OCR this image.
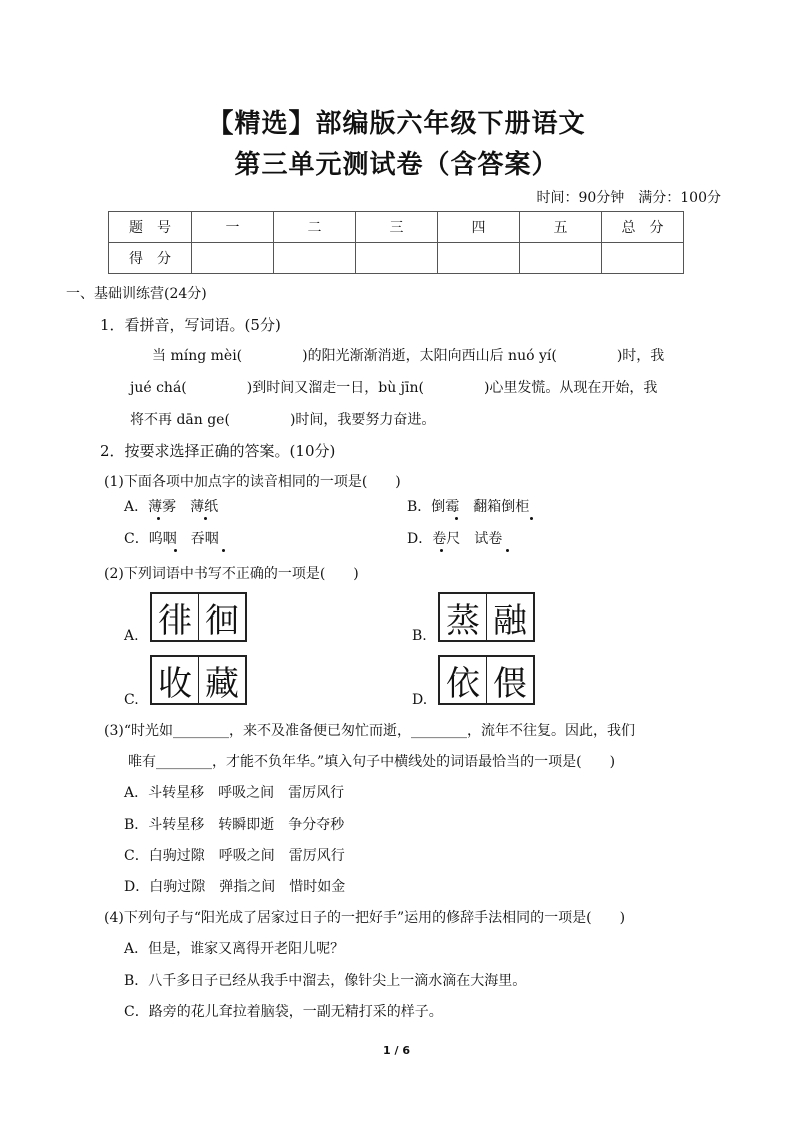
【精选】部编版六年级下册语文
第三单元测试卷（含答案）
时间：90分钟　满分：100分
题　号	一	二	三	四	五	总　分
得　分						
一、基础训练营(24分)
1．看拼音，写词语。(5分)
当 míng mèi(	)的阳光渐渐消逝，太阳向西山后 nuó yí(	)时，我
jué chá(	)到时间又溜走一日，bù jīn(	)心里发慌。从现在开始，我
将不再 dān ge(	)时间，我要努力奋进。
2．按要求选择正确的答案。(10分)
(1)下面各项中加点字的读音相同的一项是(　　)
A．薄雾　薄纸	B．倒霉　翻箱倒柜
C．呜咽　吞咽	D．卷尺　试卷
(2)下列词语中书写不正确的一项是(　　)
A. 徘 徊	B. 蒸 融
C. 收 藏	D. 依 偎
(3)“时光如________，来不及准备便已匆忙而逝，________，流年不往复。因此，我们
唯有________，才能不负年华。”填入句子中横线处的词语最恰当的一项是(　　)
A．斗转星移　呼吸之间　雷厉风行
B．斗转星移　转瞬即逝　争分夺秒
C．白驹过隙　呼吸之间　雷厉风行
D．白驹过隙　弹指之间　惜时如金
(4)下列句子与“阳光成了居家过日子的一把好手”运用的修辞手法相同的一项是(　　)
A．但是，谁家又离得开老阳儿呢？
B．八千多日子已经从我手中溜去，像针尖上一滴水滴在大海里。
C．路旁的花儿耷拉着脑袋，一副无精打采的样子。
1 / 6
